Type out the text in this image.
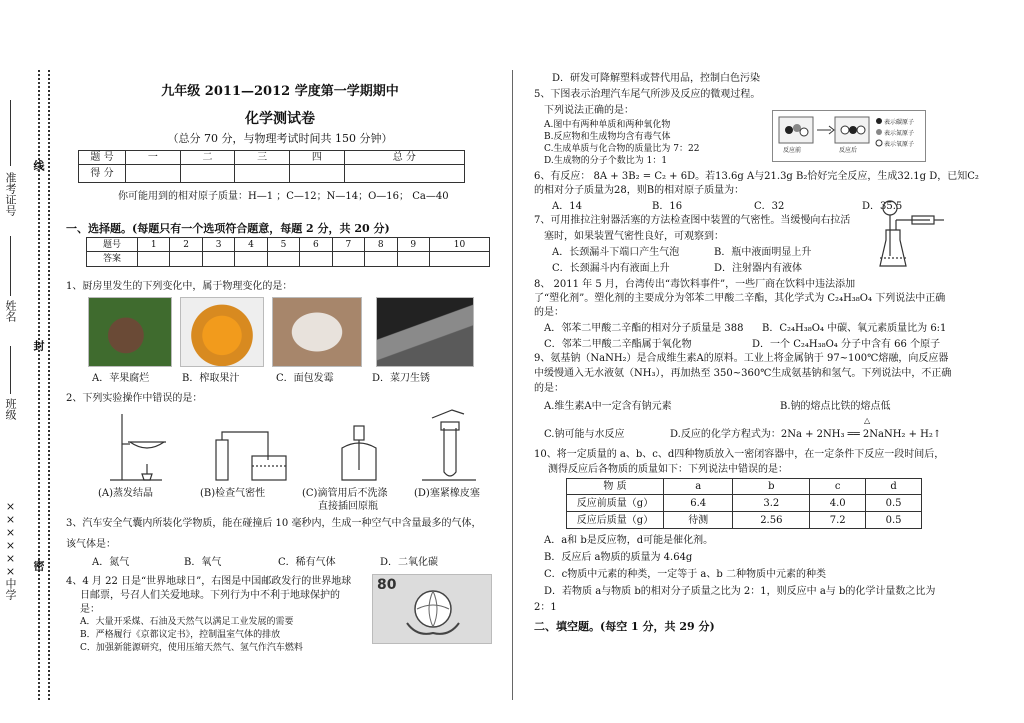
准考证号
线
姓名
封
班级
××××××中学 密
九年级 2011—2012 学度第一学期期中
化学测试卷
（总分 70 分，与物理考试时间共 150 分钟）
题 号	一	二	三	四	总 分
得 分					
你可能用到的相对原子质量：H—1 ；C—12；N—14；O—16； Ca—40
一、选择题。(每题只有一个选项符合题意，每题 2 分，共 20 分)
题号	1	2	3	4	5	6	7	8	9	10
答案										
1、厨房里发生的下列变化中，属于物理变化的是：
A．苹果腐烂	B．榨取果汁	C．面包发霉	D．菜刀生锈
2、下列实验操作中错误的是：
(A)蒸发结晶	(B)检查气密性	(C)滴管用后不洗涤
直接插回原瓶
(D)塞紧橡皮塞
3、汽车安全气囊内所装化学物质，能在碰撞后 10 毫秒内，生成一种空气中含量最多的气体，
该气体是：
A．氮气	B．氧气	C．稀有气体	D．二氧化碳
4、4 月 22 日是“世界地球日”，右图是中国邮政发行的世界地球
日邮票，号召人们关爱地球。下列行为中不利于地球保护的
是：
A．大量开采煤、石油及天然气以满足工业发展的需要
B．严格履行《京都议定书》，控制温室气体的排放
C．加强新能源研究，使用压缩天然气、氢气作汽车燃料
80
D．研发可降解塑料或替代用品，控制白色污染
5、下图表示治理汽车尾气所涉及反应的微观过程。
下列说法正确的是：
A.图中有两种单质和两种氧化物
B.反应物和生成物均含有毒气体
C.生成单质与化合物的质量比为 7：22
D.生成物的分子个数比为 1：1
反应前	反应后
表示碳原子
表示氮原子
表示氧原子
6、有反应： 8A + 3B₂ = C₂ + 6D。若13.6g A与21.3g B₂恰好完全反应，生成32.1g D，已知C₂
的相对分子质量为28，则B的相对原子质量为：
A．14	B．16	C．32	D．35.5
7、可用推拉注射器活塞的方法检查图中装置的气密性。当缓慢向右拉活
塞时，如果装置气密性良好，可观察到：
A．长颈漏斗下端口产生气泡	B．瓶中液面明显上升
C．长颈漏斗内有液面上升	D．注射器内有液体
8、 2011 年 5 月，台湾传出“毒饮料事件”，一些厂商在饮料中违法添加
了“塑化剂”。塑化剂的主要成分为邻苯二甲酸二辛酯，其化学式为 C₂₄H₃₈O₄ 下列说法中正确
的是：
A．邻苯二甲酸二辛酯的相对分子质量是 388 B．C₂₄H₃₈O₄ 中碳、氧元素质量比为 6:1
C．邻苯二甲酸二辛酯属于氧化物	D．一个 C₂₄H₃₈O₄ 分子中含有 66 个原子
9、氨基钠（NaNH₂）是合成维生素A的原料。工业上将金属钠于 97~100℃熔融，向反应器
中缓慢通入无水液氨（NH₃），再加热至 350~360℃生成氨基钠和氢气。下列说法中，不正确
的是：
A.维生素A中一定含有钠元素	B.钠的熔点比铁的熔点低
C.钠可能与水反应	D.反应的化学方程式为：2Na + 2NH₃ ══ 2NaNH₂ + H₂↑
△
10、将一定质量的 a、b、c、d四种物质放入一密闭容器中，在一定条件下反应一段时间后，
测得反应后各物质的质量如下：下列说法中错误的是：
物 质	a	b	c	d
反应前质量（g）	6.4	3.2	4.0	0.5
反应后质量（g）	待测	2.56	7.2	0.5
A．a和 b是反应物，d可能是催化剂。
B．反应后 a物质的质量为 4.64g
C．c物质中元素的种类，一定等于 a、b 二种物质中元素的种类
D．若物质 a与物质 b的相对分子质量之比为 2：1，则反应中 a与 b的化学计量数之比为
2：1
二、填空题。(每空 1 分，共 29 分)
